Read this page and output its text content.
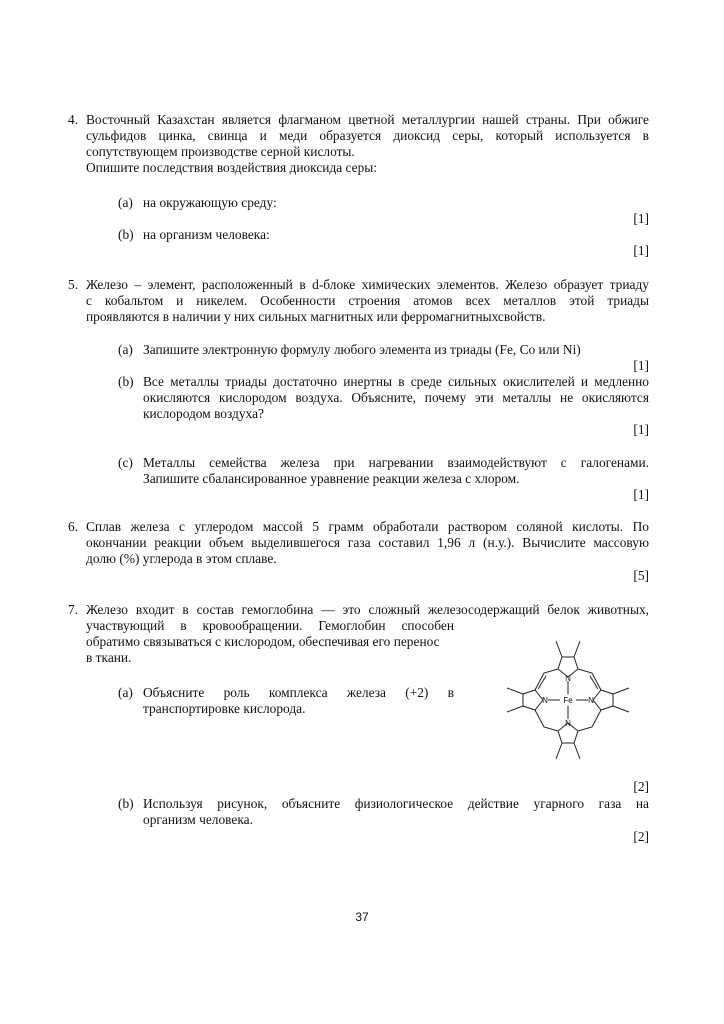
4. Восточный Казахстан является флагманом цветной металлургии нашей страны. При обжиге
сульфидов цинка, свинца и меди образуется диоксид серы, который используется в
сопутствующем производстве серной кислоты.
Опишите последствия воздействия диоксида серы:
(a) на окружающую среду:
[1]
(b) на организм человека:
[1]
5. Железо – элемент, расположенный в d-блоке химических элементов. Железо образует триаду
с кобальтом и никелем. Особенности строения атомов всех металлов этой триады
проявляются в наличии у них сильных магнитных или ферромагнитныхсвойств.
(a) Запишите электронную формулу любого элемента из триады (Fe, Co или Ni)
[1]
(b) Все металлы триады достаточно инертны в среде сильных окислителей и медленно
окисляются кислородом воздуха. Объясните, почему эти металлы не окисляются
кислородом воздуха?
[1]
(c) Металлы семейства железа при нагревании взаимодействуют с галогенами.
Запишите сбалансированное уравнение реакции железа с хлором.
[1]
6. Сплав железа с углеродом массой 5 грамм обработали раствором соляной кислоты. По
окончании реакции объем выделившегося газа составил 1,96 л (н.у.). Вычислите массовую
долю (%) углерода в этом сплаве.
[5]
7. Железо входит в состав гемоглобина — это сложный железосодержащий белок животных,
участвующий в кровообращении. Гемоглобин способен
обратимо связываться с кислородом, обеспечивая его перенос
в ткани.
(a) Объясните роль комплекса железа (+2) в
транспортировке кислорода.
[2]
(b) Используя рисунок, объясните физиологическое действие угарного газа на
организм человека.
[2]
Fe
N
N
N	N
37
